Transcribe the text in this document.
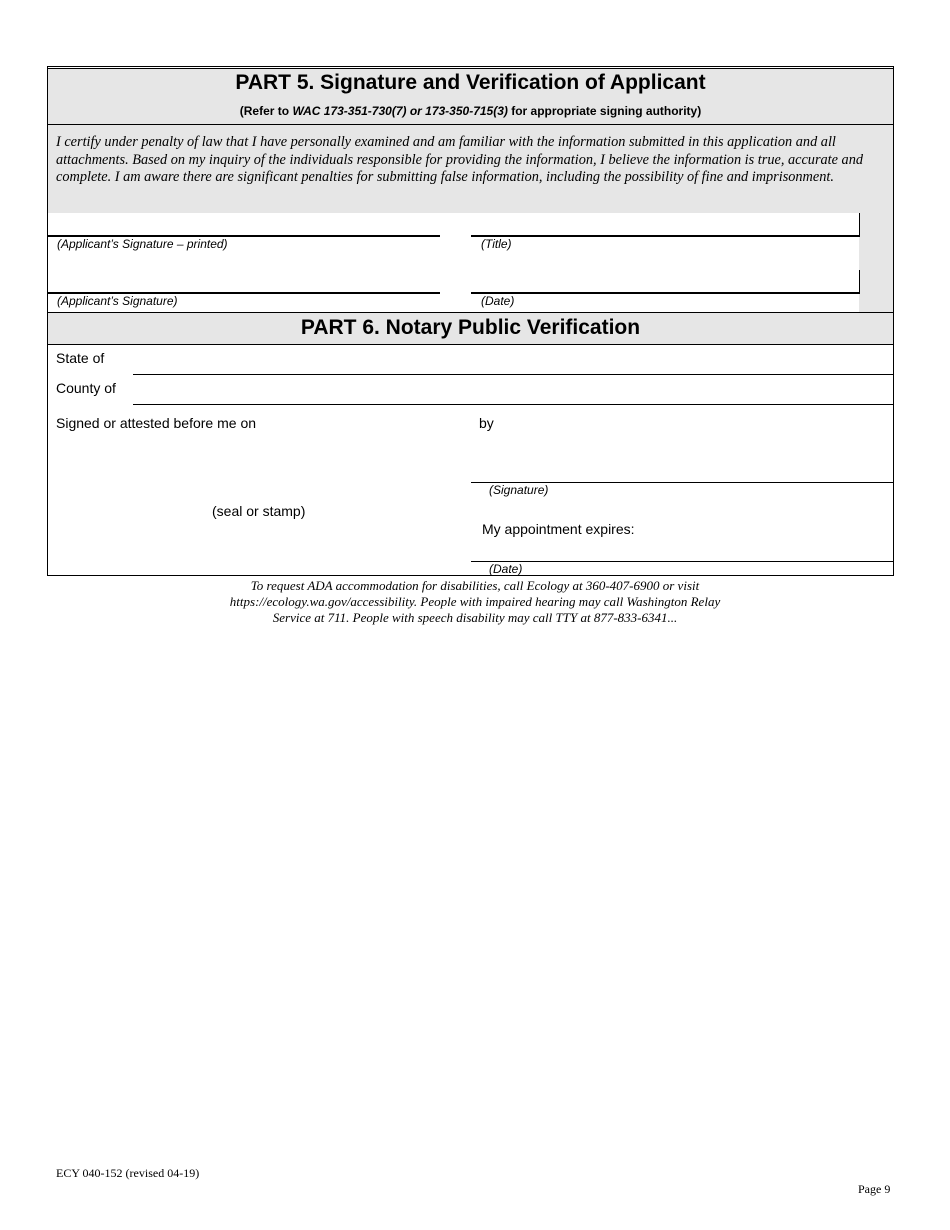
PART 5. Signature and Verification of Applicant
(Refer to WAC 173-351-730(7) or 173-350-715(3) for appropriate signing authority)
I certify under penalty of law that I have personally examined and am familiar with the information submitted in this application and all attachments. Based on my inquiry of the individuals responsible for providing the information, I believe the information is true, accurate and complete. I am aware there are significant penalties for submitting false information, including the possibility of fine and imprisonment.
(Applicant’s Signature – printed)	(Title)
(Applicant’s Signature)	(Date)
PART 6. Notary Public Verification
State of
County of
Signed or attested before me on	by
(Signature)
(seal or stamp)
My appointment expires:
(Date)
To request ADA accommodation for disabilities, call Ecology at 360-407-6900 or visit
https://ecology.wa.gov/accessibility. People with impaired hearing may call Washington Relay
Service at 711. People with speech disability may call TTY at 877-833-6341...
ECY 040-152 (revised 04-19)
Page 9
